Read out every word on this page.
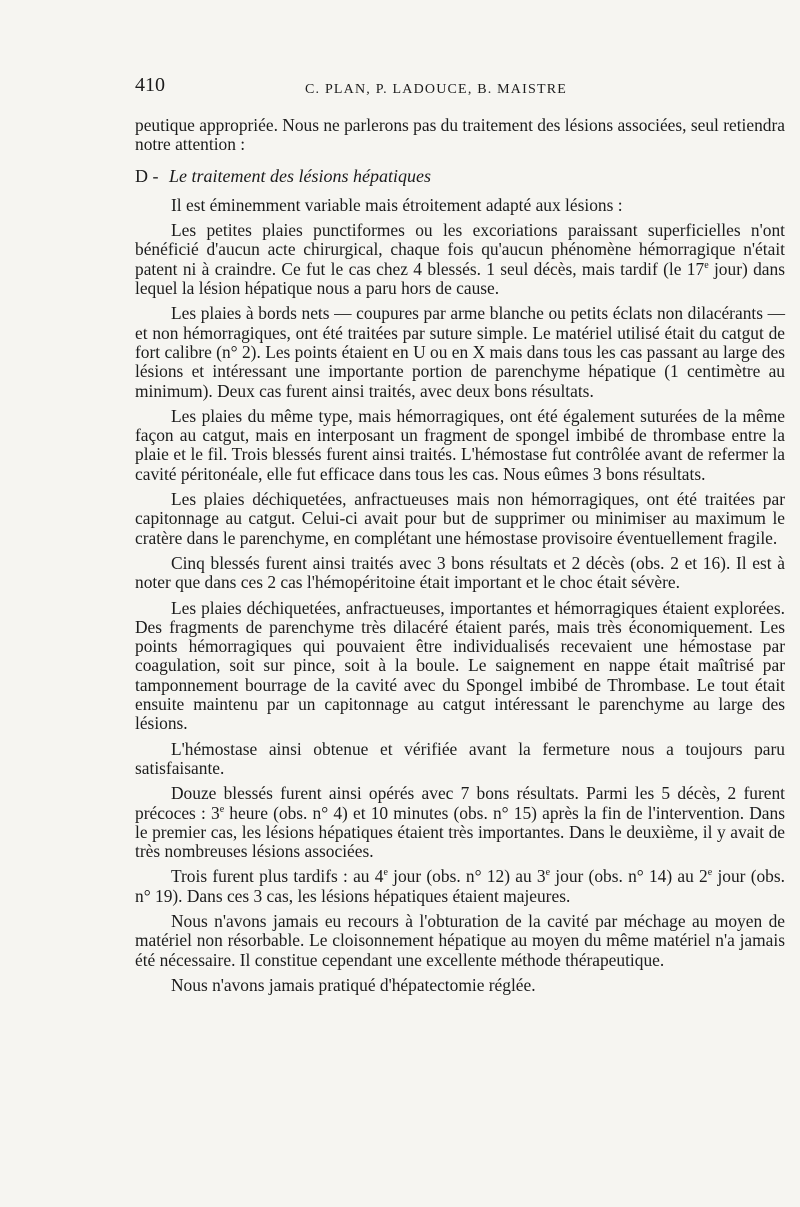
410	C. PLAN, P. LADOUCE, B. MAISTRE

peutique appropriée. Nous ne parlerons pas du traitement des lésions associées, seul retiendra notre attention :

D - Le traitement des lésions hépatiques

Il est éminemment variable mais étroitement adapté aux lésions :

Les petites plaies punctiformes ou les excoriations paraissant superficielles n'ont bénéficié d'aucun acte chirurgical, chaque fois qu'aucun phénomène hémorragique n'était patent ni à craindre. Ce fut le cas chez 4 blessés. 1 seul décès, mais tardif (le 17e jour) dans lequel la lésion hépatique nous a paru hors de cause.

Les plaies à bords nets — coupures par arme blanche ou petits éclats non dilacérants — et non hémorragiques, ont été traitées par suture simple. Le matériel utilisé était du catgut de fort calibre (n° 2). Les points étaient en U ou en X mais dans tous les cas passant au large des lésions et intéressant une importante portion de parenchyme hépatique (1 centimètre au minimum). Deux cas furent ainsi traités, avec deux bons résultats.

Les plaies du même type, mais hémorragiques, ont été également suturées de la même façon au catgut, mais en interposant un fragment de spongel imbibé de thrombase entre la plaie et le fil. Trois blessés furent ainsi traités. L'hémostase fut contrôlée avant de refermer la cavité péritonéale, elle fut efficace dans tous les cas. Nous eûmes 3 bons résultats.

Les plaies déchiquetées, anfractueuses mais non hémorragiques, ont été traitées par capitonnage au catgut. Celui-ci avait pour but de supprimer ou minimiser au maximum le cratère dans le parenchyme, en complétant une hémostase provisoire éventuellement fragile.

Cinq blessés furent ainsi traités avec 3 bons résultats et 2 décès (obs. 2 et 16). Il est à noter que dans ces 2 cas l'hémopéritoine était important et le choc était sévère.

Les plaies déchiquetées, anfractueuses, importantes et hémorragiques étaient explorées. Des fragments de parenchyme très dilacéré étaient parés, mais très économiquement. Les points hémorragiques qui pouvaient être individualisés recevaient une hémostase par coagulation, soit sur pince, soit à la boule. Le saignement en nappe était maîtrisé par tamponnement bourrage de la cavité avec du Spongel imbibé de Thrombase. Le tout était ensuite maintenu par un capitonnage au catgut intéressant le parenchyme au large des lésions.

L'hémostase ainsi obtenue et vérifiée avant la fermeture nous a toujours paru satisfaisante.

Douze blessés furent ainsi opérés avec 7 bons résultats. Parmi les 5 décès, 2 furent précoces : 3e heure (obs. n° 4) et 10 minutes (obs. n° 15) après la fin de l'intervention. Dans le premier cas, les lésions hépatiques étaient très importantes. Dans le deuxième, il y avait de très nombreuses lésions associées.

Trois furent plus tardifs : au 4e jour (obs. n° 12) au 3e jour (obs. n° 14) au 2e jour (obs. n° 19). Dans ces 3 cas, les lésions hépatiques étaient majeures.

Nous n'avons jamais eu recours à l'obturation de la cavité par méchage au moyen de matériel non résorbable. Le cloisonnement hépatique au moyen du même matériel n'a jamais été nécessaire. Il constitue cependant une excellente méthode thérapeutique.

Nous n'avons jamais pratiqué d'hépatectomie réglée.
